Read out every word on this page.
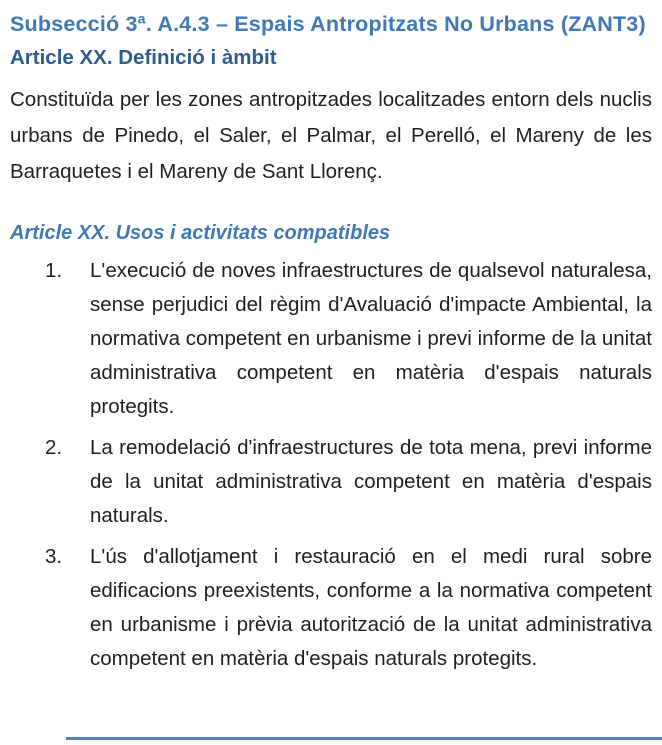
Subsecció 3ª. A.4.3 – Espais Antropitzats No Urbans (ZANT3)
Article XX. Definició i àmbit

Constituïda per les zones antropitzades localitzades entorn dels nuclis urbans de Pinedo, el Saler, el Palmar, el Perelló, el Mareny de les Barraquetes i el Mareny de Sant Llorenç.

Article XX. Usos i activitats compatibles
1.	L'execució de noves infraestructures de qualsevol naturalesa, sense perjudici del règim d'Avaluació d'impacte Ambiental, la normativa competent en urbanisme i previ informe de la unitat administrativa competent en matèria d'espais naturals protegits.
2.	La remodelació d'infraestructures de tota mena, previ informe de la unitat administrativa competent en matèria d'espais naturals.
3.	L'ús d'allotjament i restauració en el medi rural sobre edificacions preexistents, conforme a la normativa competent en urbanisme i prèvia autorització de la unitat administrativa competent en matèria d'espais naturals protegits.
